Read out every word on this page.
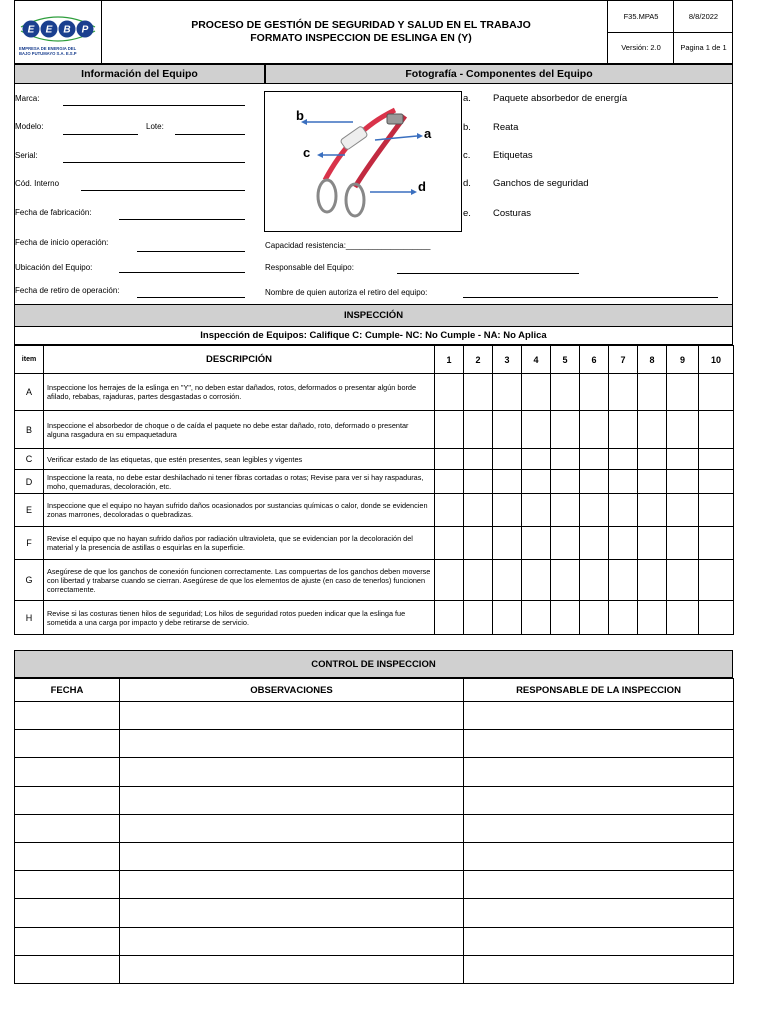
E E B P
EMPRESA DE ENERGIA DEL BAJO PUTUMAYO S.A. E.S.P
PROCESO DE GESTIÓN DE SEGURIDAD Y SALUD EN EL TRABAJO
FORMATO INSPECCION DE ESLINGA EN (Y)
F35.MPA5	8/8/2022
Versión: 2.0	Pagina 1 de 1
Información del Equipo	Fotografía - Componentes del Equipo
Marca:
Modelo:	Lote:
Serial:
Cód. Interno
Fecha de fabricación:
Fecha de inicio operación:
Ubicación del Equipo:
Fecha de retiro de operación:
a
b
c
d
a. Paquete absorbedor de energía
b. Reata
c. Etiquetas
d. Ganchos de seguridad
e. Costuras
Capacidad resistencia:___________________
Responsable del Equipo:
Nombre de quien autoriza el retiro del equipo:
INSPECCIÓN
Inspección de Equipos: Califique C: Cumple- NC: No Cumple - NA: No Aplica
item	DESCRIPCIÓN	1	2	3	4	5	6	7	8	9	10
A	Inspeccione los herrajes de la eslinga en "Y", no deben estar dañados, rotos, deformados o presentar algún borde afilado, rebabas, rajaduras, partes desgastadas o corrosión.										
B	Inspeccione el absorbedor de choque o de caída el paquete no debe estar dañado, roto, deformado o presentar alguna rasgadura en su empaquetadura										
C	Verificar estado de las etiquetas, que estén presentes, sean legibles y vigentes										
D	Inspeccione la reata, no debe estar deshilachado ni tener fibras cortadas o rotas; Revise para ver si hay raspaduras, moho, quemaduras, decoloración, etc.										
E	Inspeccione que el equipo no hayan sufrido daños ocasionados por sustancias químicas o calor, donde se evidencien zonas marrones, decoloradas o quebradizas.										
F	Revise el equipo que no hayan sufrido daños por radiación ultravioleta, que se evidencian por la decoloración del material y la presencia de astillas o esquirlas en la superficie.										
G	Asegúrese de que los ganchos de conexión funcionen correctamente. Las compuertas de los ganchos deben moverse con libertad y trabarse cuando se cierran. Asegúrese de que los elementos de ajuste (en caso de tenerlos) funcionen correctamente.										
H	Revise si las costuras tienen hilos de seguridad; Los hilos de seguridad rotos pueden indicar que la eslinga fue sometida a una carga por impacto y debe retirarse de servicio.										
CONTROL DE INSPECCION
FECHA	OBSERVACIONES	RESPONSABLE DE LA INSPECCION
